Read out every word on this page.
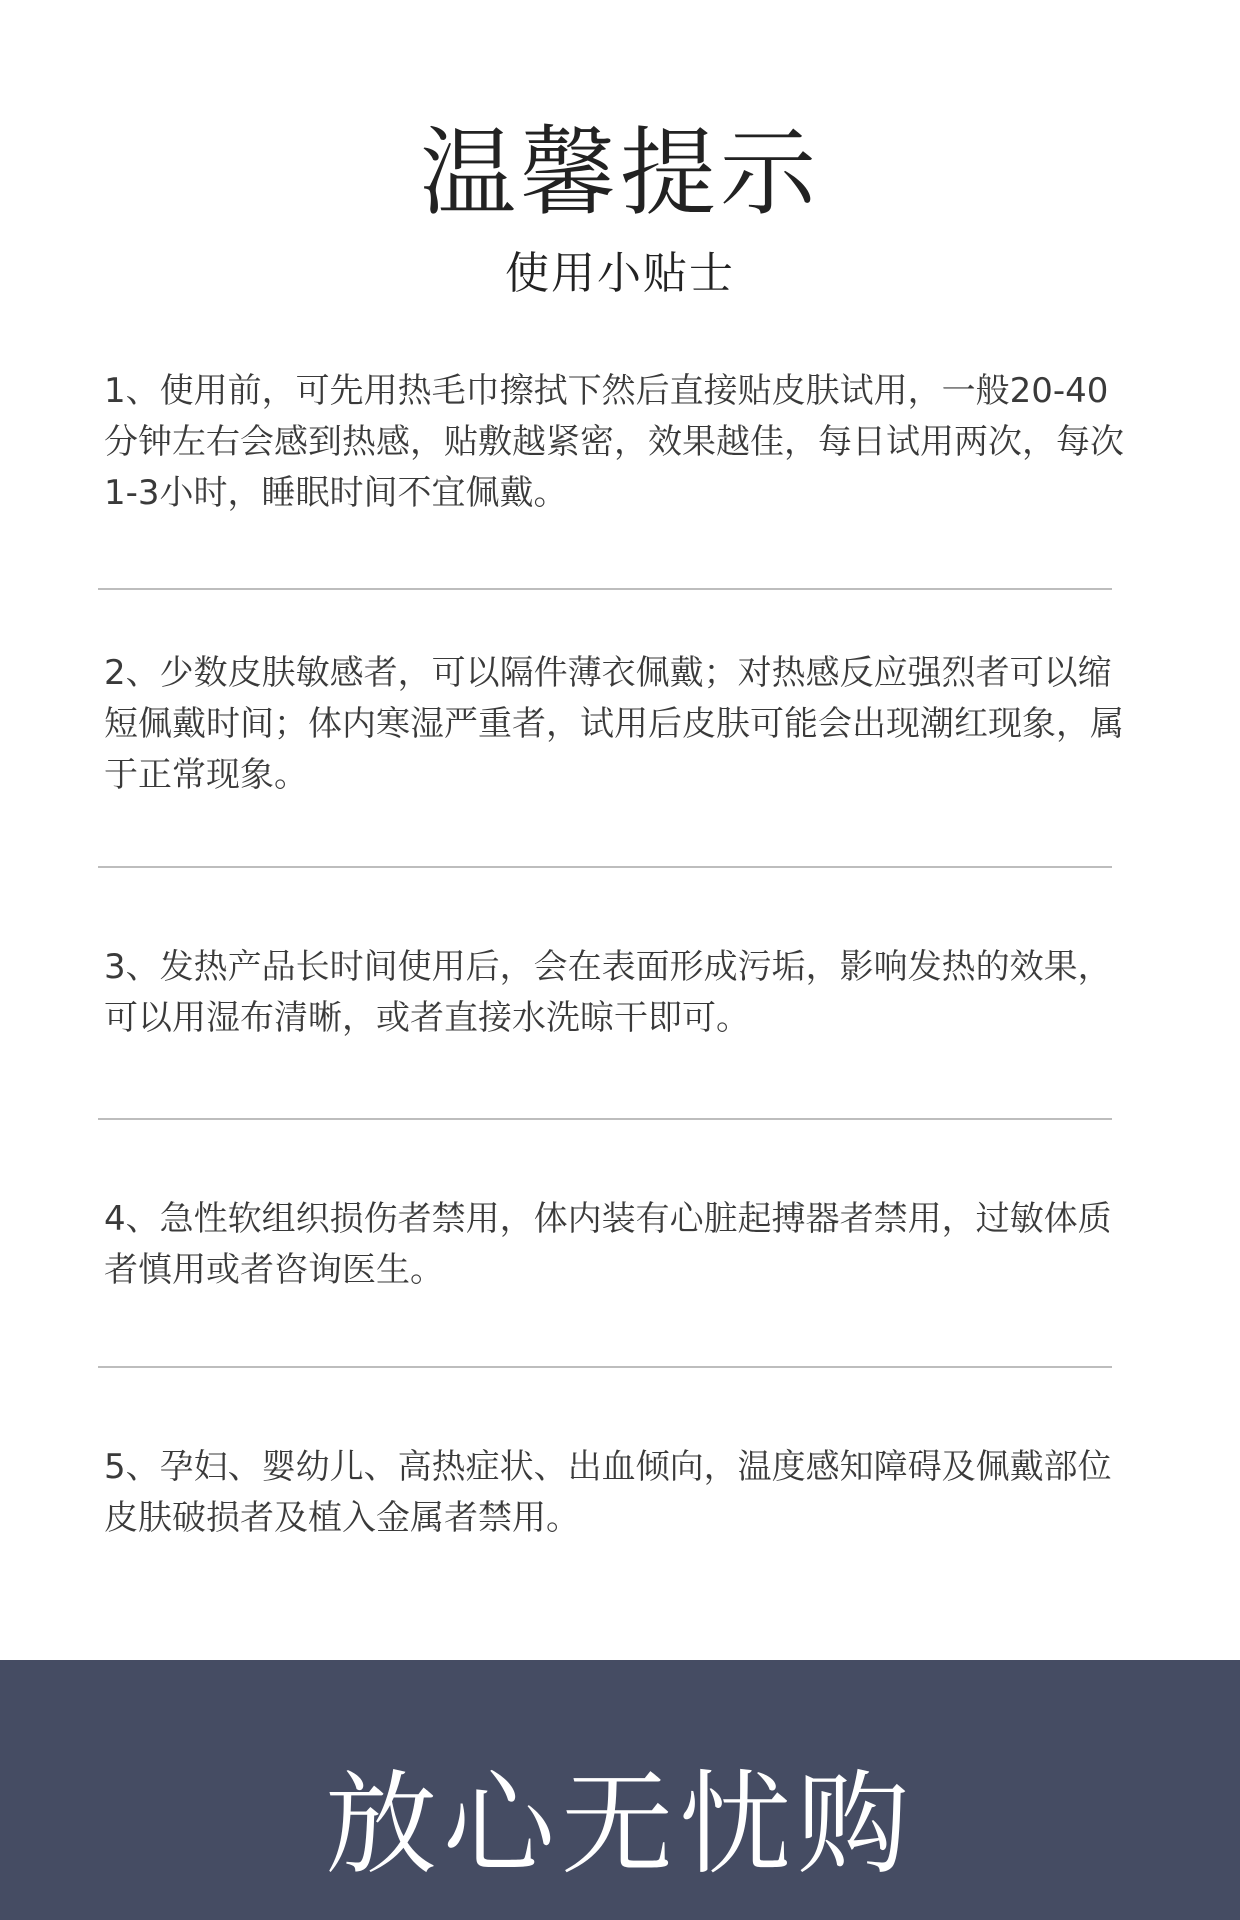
温馨提示
使用小贴士

1、使用前，可先用热毛巾擦拭下然后直接贴皮肤试用，一般20-40分钟左右会感到热感，贴敷越紧密，效果越佳，每日试用两次，每次1-3小时，睡眠时间不宜佩戴。

2、少数皮肤敏感者，可以隔件薄衣佩戴；对热感反应强烈者可以缩短佩戴时间；体内寒湿严重者，试用后皮肤可能会出现潮红现象，属于正常现象。

3、发热产品长时间使用后，会在表面形成污垢，影响发热的效果，可以用湿布清晰，或者直接水洗晾干即可。

4、急性软组织损伤者禁用，体内装有心脏起搏器者禁用，过敏体质者慎用或者咨询医生。

5、孕妇、婴幼儿、高热症状、出血倾向，温度感知障碍及佩戴部位皮肤破损者及植入金属者禁用。

放心无忧购
